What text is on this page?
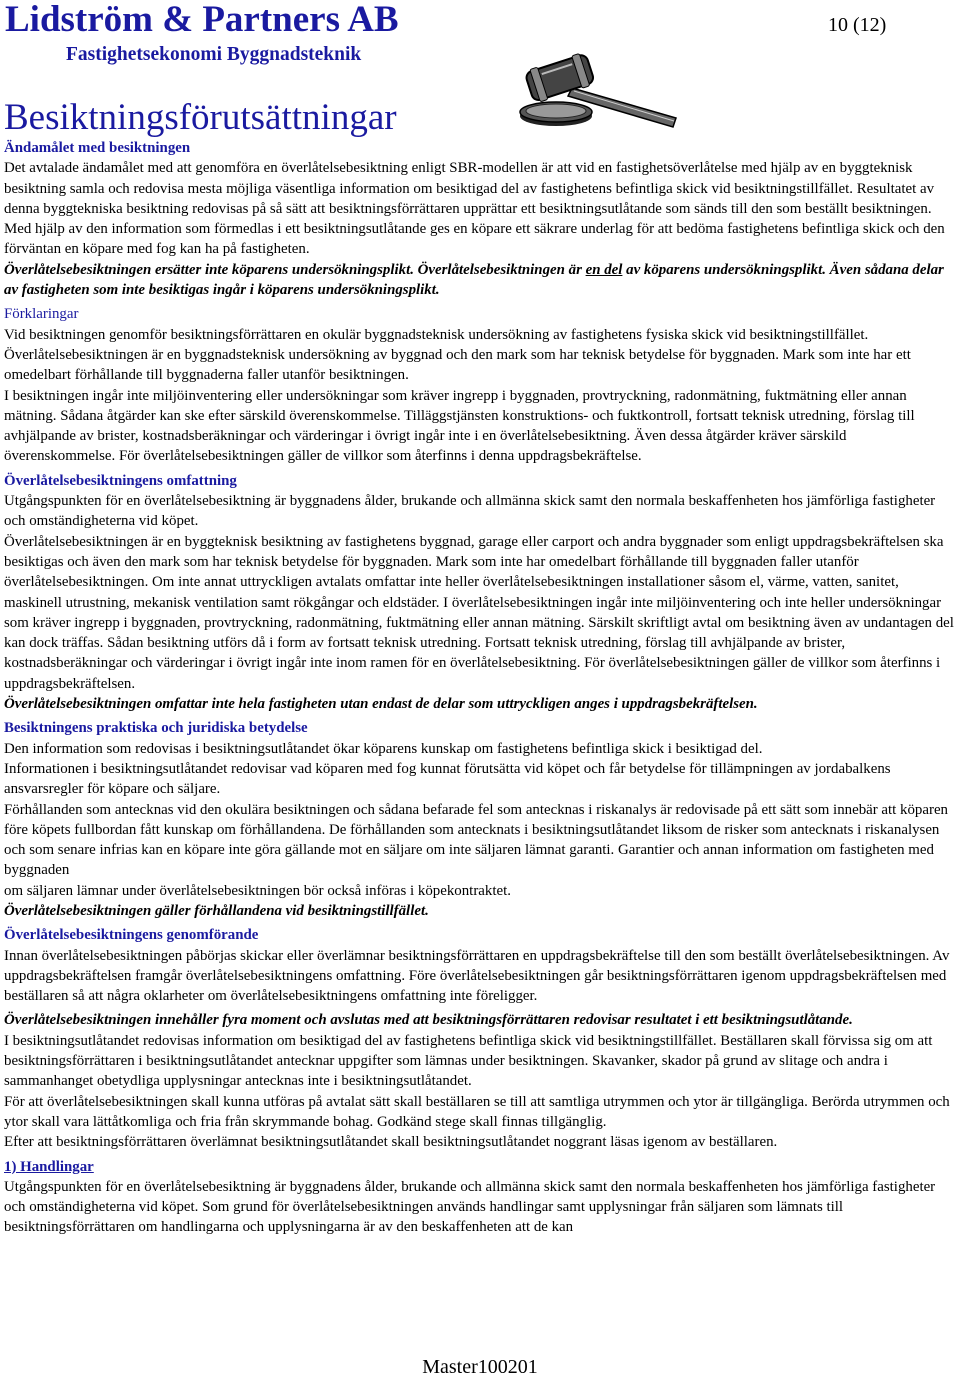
Lidström & Partners AB
Fastighetsekonomi Byggnadsteknik
10 (12)
Besiktningsförutsättningar

Ändamålet med besiktningen

Det avtalade ändamålet med att genomföra en överlåtelsebesiktning enligt SBR-modellen är att vid en fastighetsöverlåtelse med hjälp av en byggteknisk besiktning samla och redovisa mesta möjliga väsentliga information om besiktigad del av fastighetens befintliga skick vid besiktningstillfället. Resultatet av denna byggtekniska besiktning redovisas på så sätt att besiktningsförrättaren upprättar ett besiktningsutlåtande som sänds till den som beställt besiktningen. Med hjälp av den information som förmedlas i ett besiktningsutlåtande ges en köpare ett säkrare underlag för att bedöma fastighetens befintliga skick och den förväntan en köpare med fog kan ha på fastigheten.

Överlåtelsebesiktningen ersätter inte köparens undersökningsplikt. Överlåtelsebesiktningen är en del av köparens undersökningsplikt. Även sådana delar av fastigheten som inte besiktigas ingår i köparens undersökningsplikt.

Förklaringar

Vid besiktningen genomför besiktningsförrättaren en okulär byggnadsteknisk undersökning av fastighetens fysiska skick vid besiktningstillfället. Överlåtelsebesiktningen är en byggnadsteknisk undersökning av byggnad och den mark som har teknisk betydelse för byggnaden. Mark som inte har ett omedelbart förhållande till byggnaderna faller utanför besiktningen.

I besiktningen ingår inte miljöinventering eller undersökningar som kräver ingrepp i byggnaden, provtryckning, radonmätning, fuktmätning eller annan mätning. Sådana åtgärder kan ske efter särskild överenskommelse. Tilläggstjänsten konstruktions- och fuktkontroll, fortsatt teknisk utredning, förslag till avhjälpande av brister, kostnadsberäkningar och värderingar i övrigt ingår inte i en överlåtelsebesiktning. Även dessa åtgärder kräver särskild överenskommelse. För överlåtelsebesiktningen gäller de villkor som återfinns i denna uppdragsbekräftelse.

Överlåtelsebesiktningens omfattning

Utgångspunkten för en överlåtelsebesiktning är byggnadens ålder, brukande och allmänna skick samt den normala beskaffenheten hos jämförliga fastigheter och omständigheterna vid köpet.

Överlåtelsebesiktningen är en byggteknisk besiktning av fastighetens byggnad, garage eller carport och andra byggnader som enligt uppdragsbekräftelsen ska besiktigas och även den mark som har teknisk betydelse för byggnaden. Mark som inte har omedelbart förhållande till byggnaden faller utanför överlåtelsebesiktningen. Om inte annat uttryckligen avtalats omfattar inte heller överlåtelsebesiktningen installationer såsom el, värme, vatten, sanitet, maskinell utrustning, mekanisk ventilation samt rökgångar och eldstäder. I överlåtelsebesiktningen ingår inte miljöinventering och inte heller undersökningar som kräver ingrepp i byggnaden, provtryckning, radonmätning, fuktmätning eller annan mätning. Särskilt skriftligt avtal om besiktning även av undantagen del kan dock träffas. Sådan besiktning utförs då i form av fortsatt teknisk utredning. Fortsatt teknisk utredning, förslag till avhjälpande av brister, kostnadsberäkningar och värderingar i övrigt ingår inte inom ramen för en överlåtelsebesiktning. För överlåtelsebesiktningen gäller de villkor som återfinns i uppdragsbekräftelsen.

Överlåtelsebesiktningen omfattar inte hela fastigheten utan endast de delar som uttryckligen anges i uppdragsbekräftelsen.

Besiktningens praktiska och juridiska betydelse

Den information som redovisas i besiktningsutlåtandet ökar köparens kunskap om fastighetens befintliga skick i besiktigad del.

Informationen i besiktningsutlåtandet redovisar vad köparen med fog kunnat förutsätta vid köpet och får betydelse för tillämpningen av jordabalkens ansvarsregler för köpare och säljare.

Förhållanden som antecknas vid den okulära besiktningen och sådana befarade fel som antecknas i riskanalys är redovisade på ett sätt som innebär att köparen före köpets fullbordan fått kunskap om förhållandena. De förhållanden som antecknats i besiktningsutlåtandet liksom de risker som antecknats i riskanalysen och som senare infrias kan en köpare inte göra gällande mot en säljare om inte säljaren lämnat garanti. Garantier och annan information om fastigheten med byggnaden

om säljaren lämnar under överlåtelsebesiktningen bör också införas i köpekontraktet.

Överlåtelsebesiktningen gäller förhållandena vid besiktningstillfället.

Överlåtelsebesiktningens genomförande

Innan överlåtelsebesiktningen påbörjas skickar eller överlämnar besiktningsförrättaren en uppdragsbekräftelse till den som beställt överlåtelsebesiktningen. Av uppdragsbekräftelsen framgår överlåtelsebesiktningens omfattning. Före överlåtelsebesiktningen går besiktningsförrättaren igenom uppdragsbekräftelsen med beställaren så att några oklarheter om överlåtelsebesiktningens omfattning inte föreligger.

Överlåtelsebesiktningen innehåller fyra moment och avslutas med att besiktningsförrättaren redovisar resultatet i ett besiktningsutlåtande.

I besiktningsutlåtandet redovisas information om besiktigad del av fastighetens befintliga skick vid besiktningstillfället. Beställaren skall förvissa sig om att besiktningsförrättaren i besiktningsutlåtandet antecknar uppgifter som lämnas under besiktningen. Skavanker, skador på grund av slitage och andra i sammanhanget obetydliga upplysningar antecknas inte i besiktningsutlåtandet.

För att överlåtelsebesiktningen skall kunna utföras på avtalat sätt skall beställaren se till att samtliga utrymmen och ytor är tillgängliga. Berörda utrymmen och ytor skall vara lättåtkomliga och fria från skrymmande bohag. Godkänd stege skall finnas tillgänglig.

Efter att besiktningsförrättaren överlämnat besiktningsutlåtandet skall besiktningsutlåtandet noggrant läsas igenom av beställaren.

1) Handlingar

Utgångspunkten för en överlåtelsebesiktning är byggnadens ålder, brukande och allmänna skick samt den normala beskaffenheten hos jämförliga fastigheter och omständigheterna vid köpet. Som grund för överlåtelsebesiktningen används handlingar samt upplysningar från säljaren som lämnats till besiktningsförrättaren om handlingarna och upplysningarna är av den beskaffenheten att de kan

Master100201
